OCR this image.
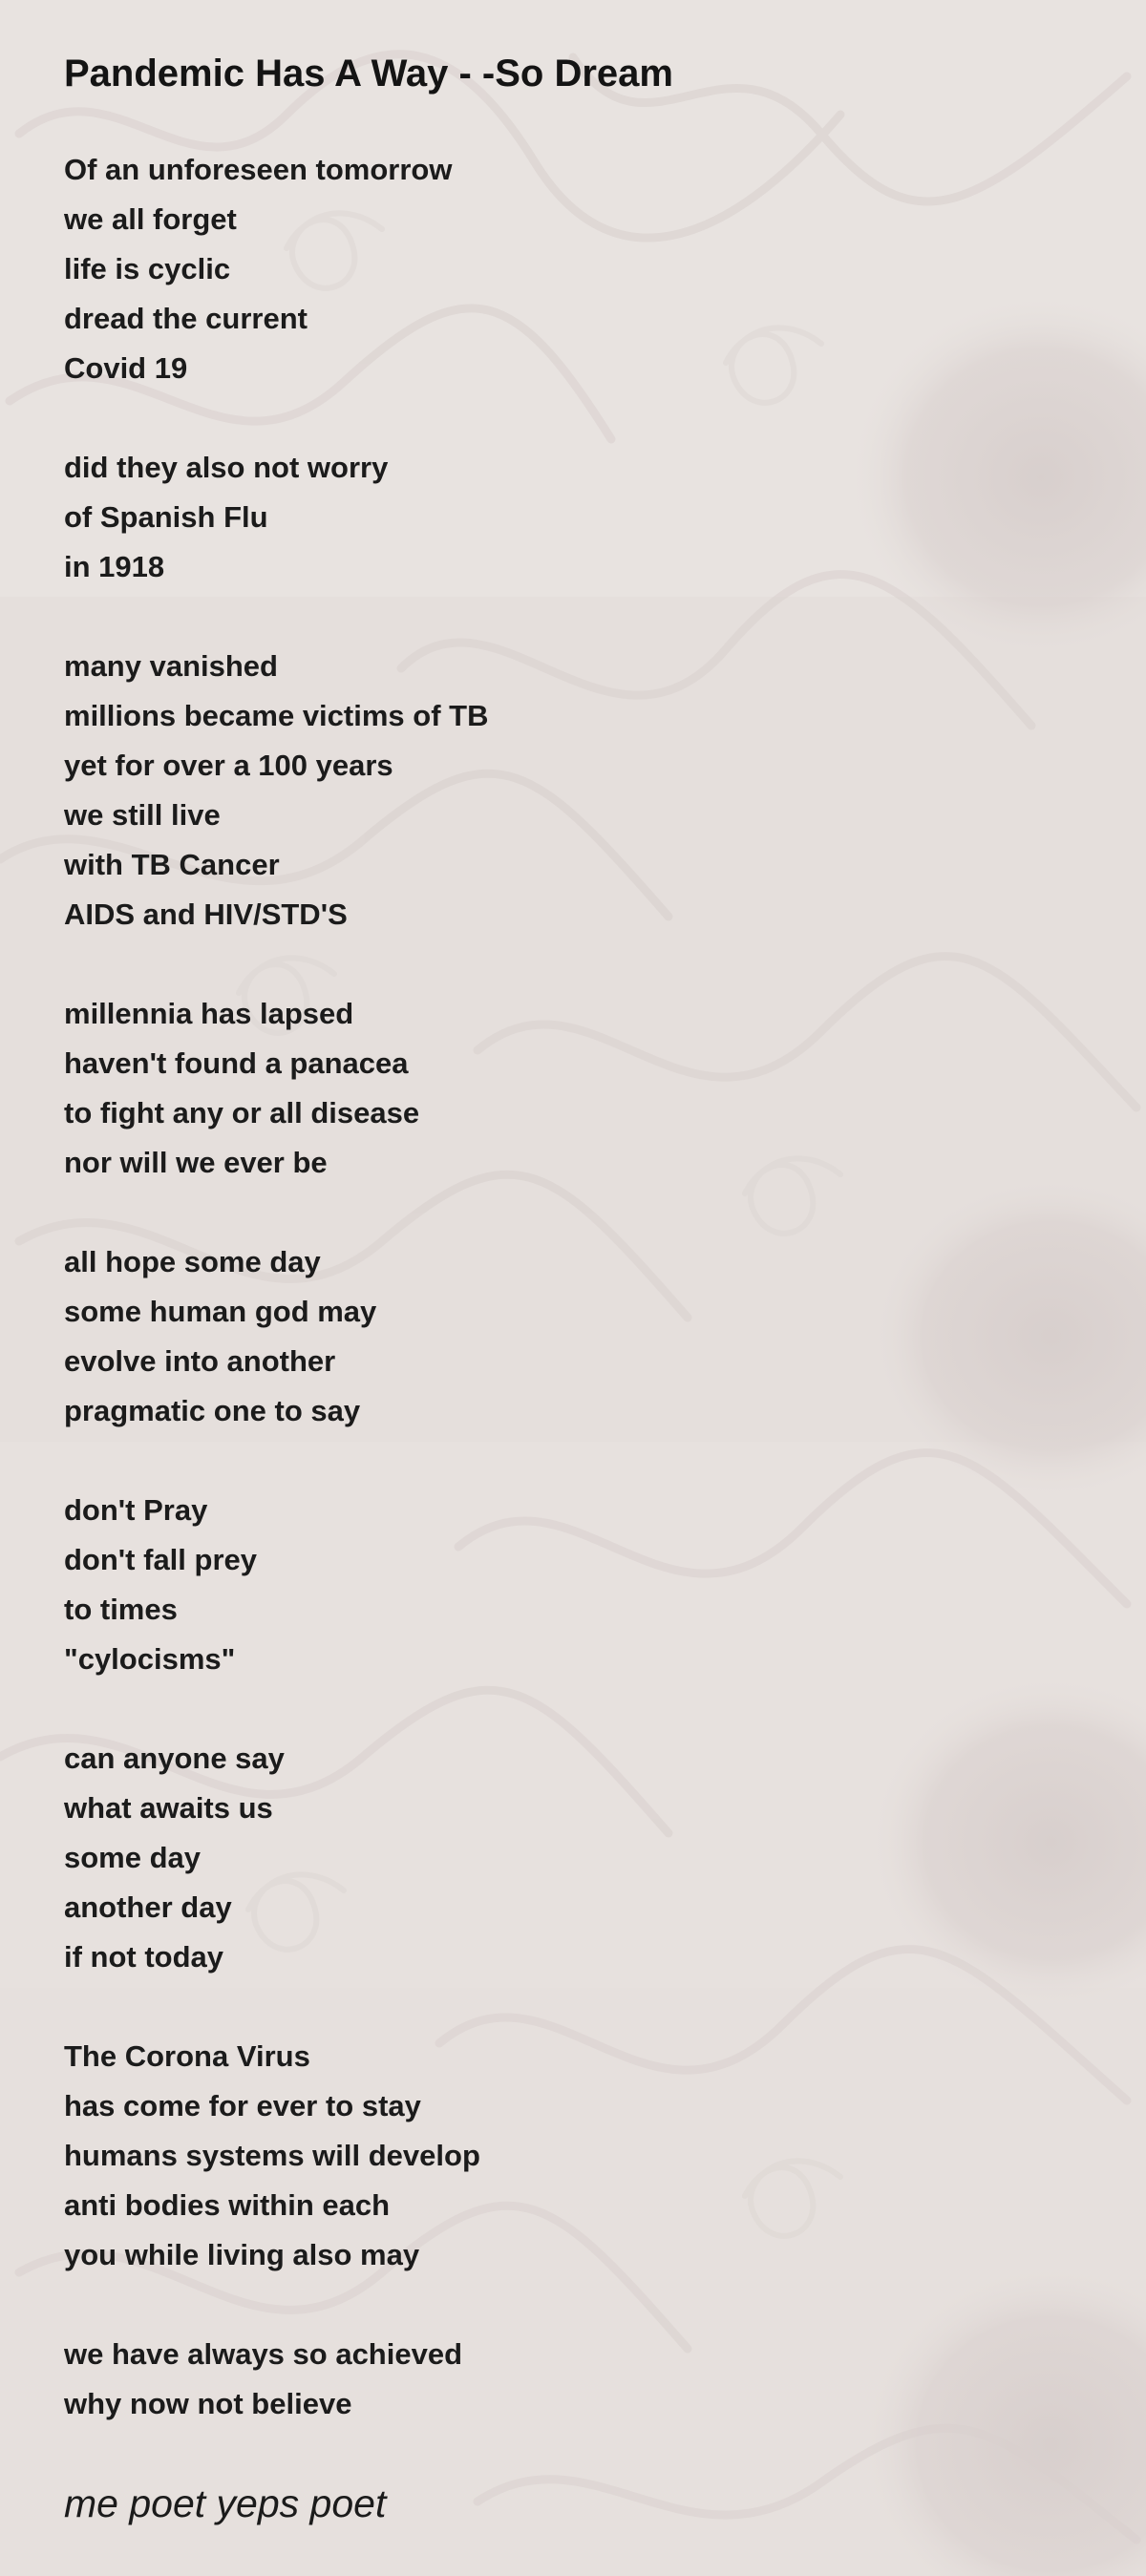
Pandemic Has A Way - -So Dream
Of an unforeseen tomorrow
we all forget
life is cyclic
dread the current
Covid 19
did they also not worry
of Spanish Flu
in 1918
many vanished
millions became victims of TB
yet for over a 100 years
we still live
with TB Cancer
AIDS and HIV/STD'S
millennia has lapsed
haven't found a panacea
to fight any or all disease
nor will we ever be
all hope some day
some human god may
evolve into another
pragmatic one to say
don't Pray
don't fall prey
to times
"cylocisms"
can anyone say
what awaits us
some day
another day
if not today
The Corona Virus
has come for ever to stay
humans systems will develop
anti bodies within each
you while living also may
we have always so achieved
why now not believe
me poet yeps poet
